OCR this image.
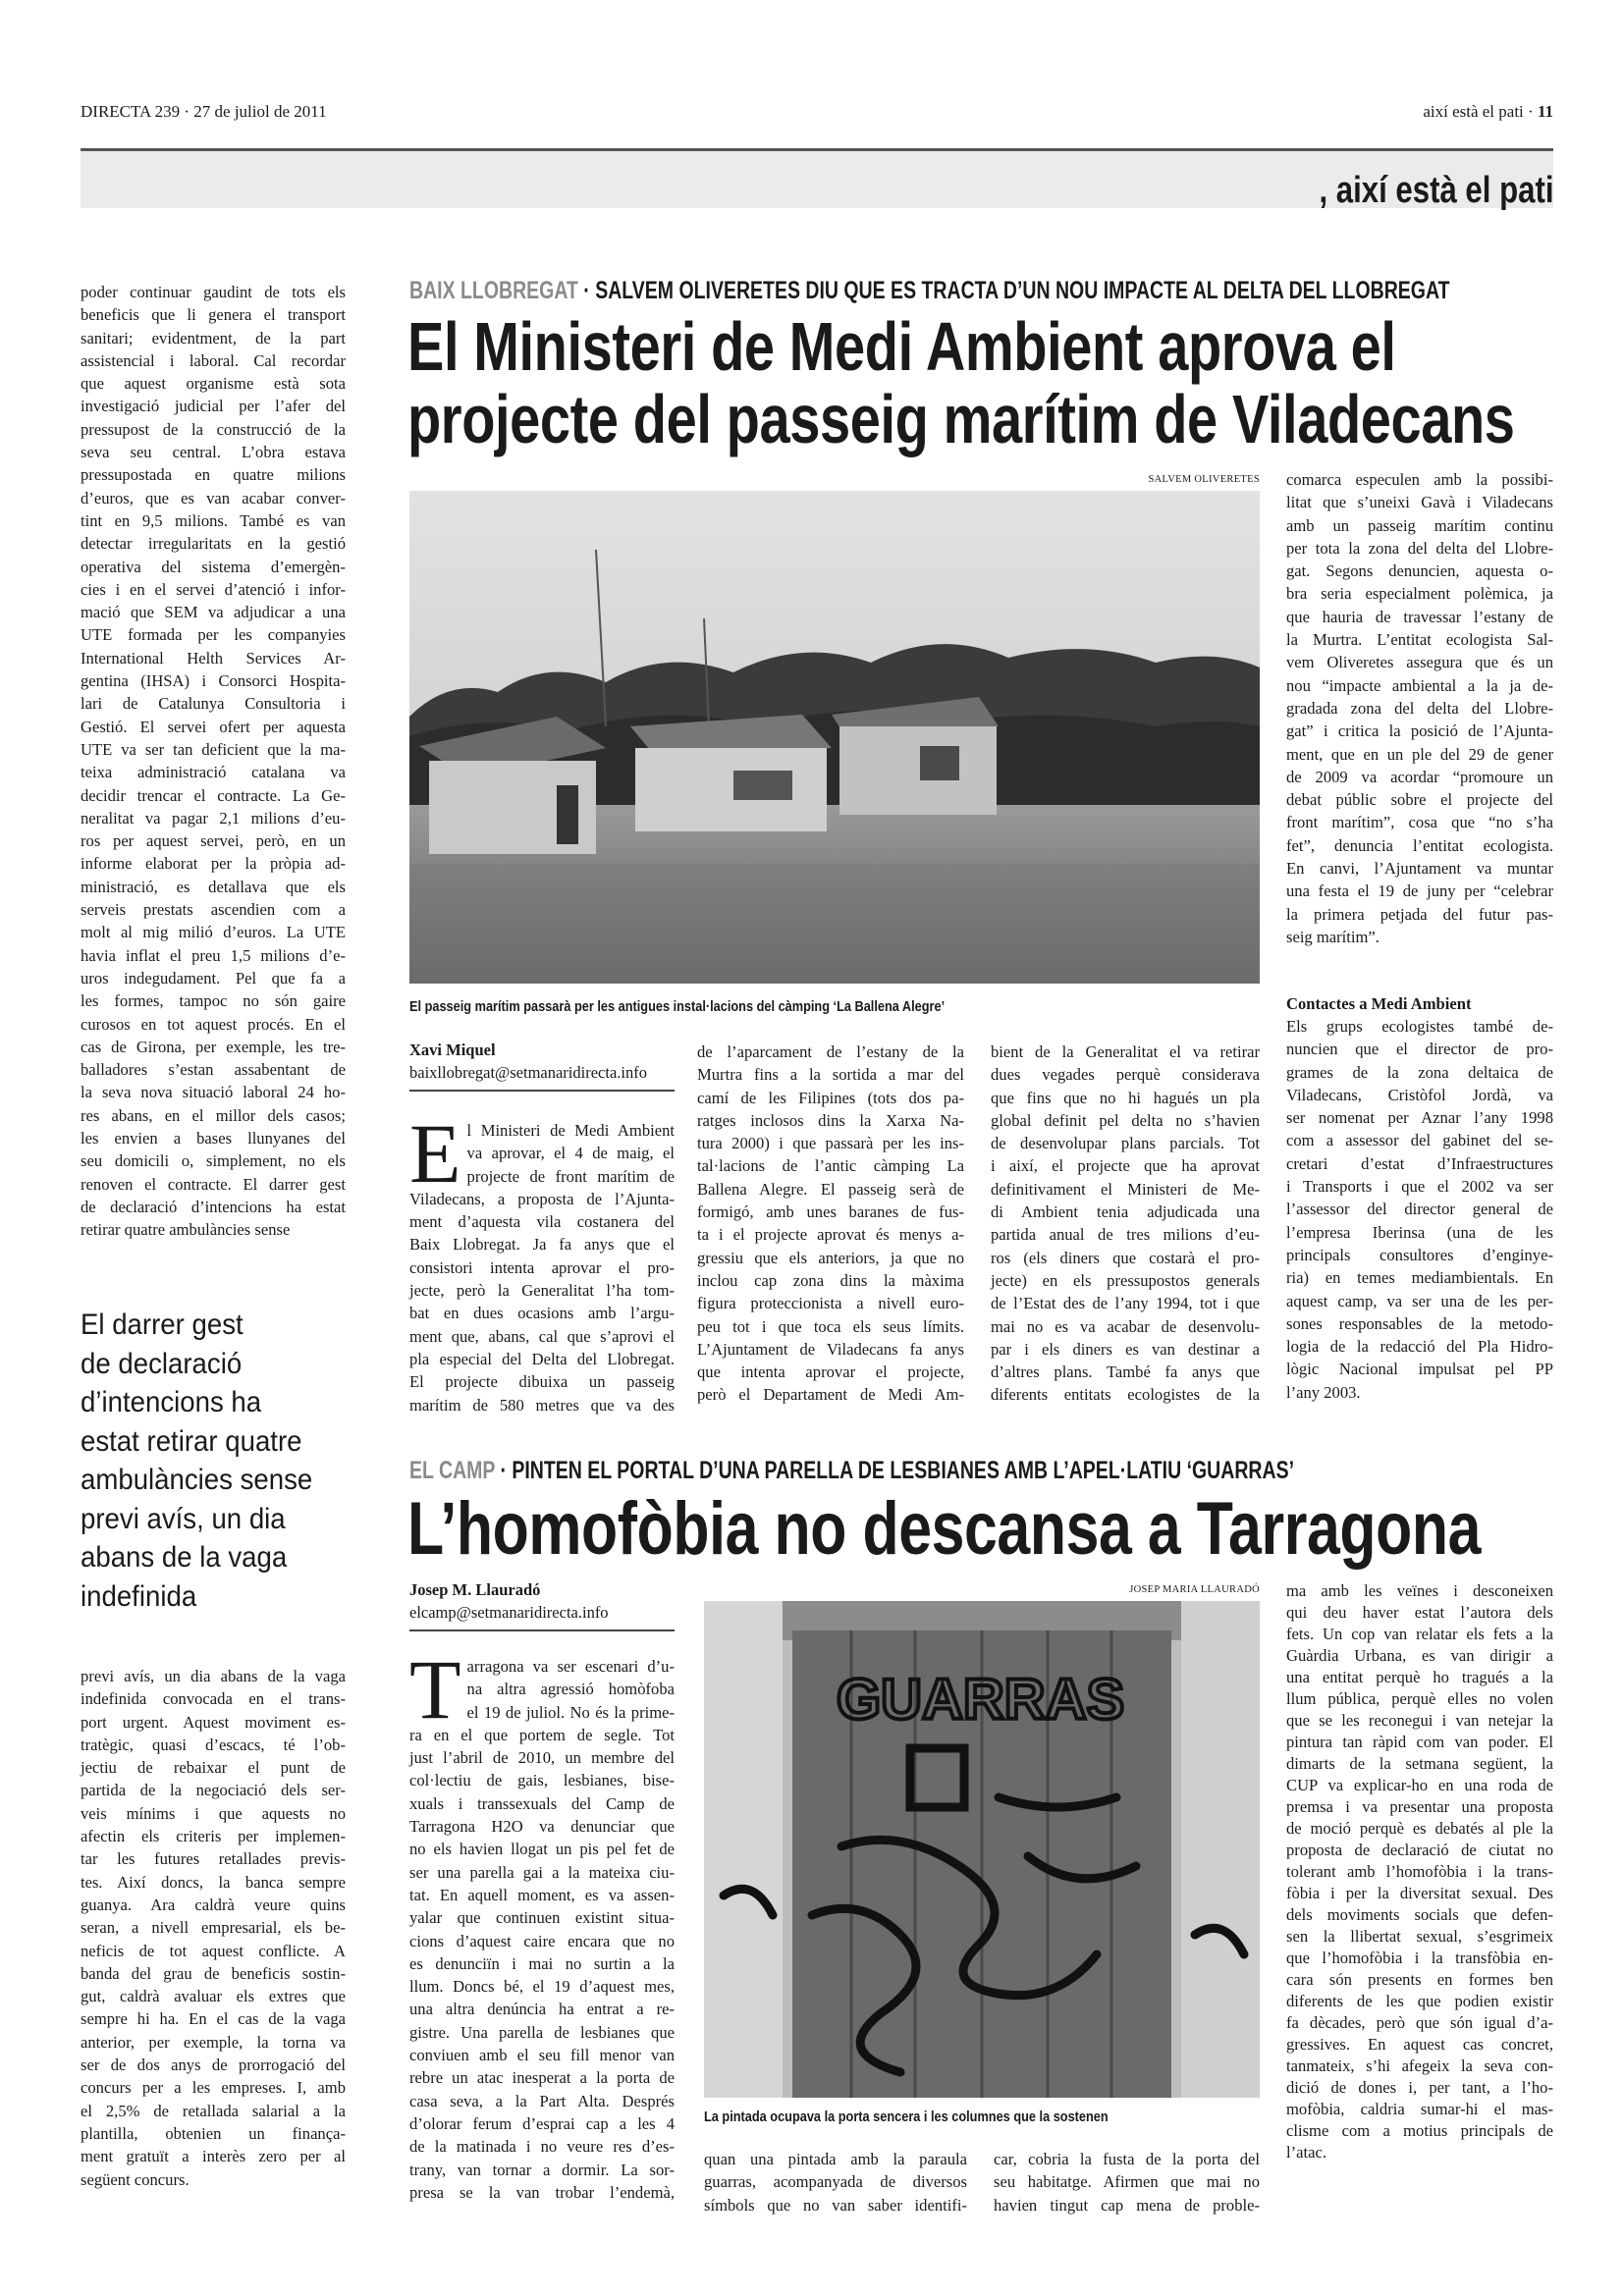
DIRECTA 239 · 27 de juliol de 2011	així està el pati · 11
, així està el pati
poder continuar gaudint de tots els
beneficis que li genera el transport
sanitari; evidentment, de la part
assistencial i laboral. Cal recordar
que aquest organisme està sota
investigació judicial per l’afer del
pressupost de la construcció de la
seva seu central. L’obra estava
pressupostada en quatre milions
d’euros, que es van acabar conver-
tint en 9,5 milions. També es van
detectar irregularitats en la gestió
operativa del sistema d’emergèn-
cies i en el servei d’atenció i infor-
mació que SEM va adjudicar a una
UTE formada per les companyies
International Helth Services Ar-
gentina (IHSA) i Consorci Hospita-
lari de Catalunya Consultoria i
Gestió. El servei ofert per aquesta
UTE va ser tan deficient que la ma-
teixa administració catalana va
decidir trencar el contracte. La Ge-
neralitat va pagar 2,1 milions d’eu-
ros per aquest servei, però, en un
informe elaborat per la pròpia ad-
ministració, es detallava que els
serveis prestats ascendien com a
molt al mig milió d’euros. La UTE
havia inflat el preu 1,5 milions d’e-
uros indegudament. Pel que fa a
les formes, tampoc no són gaire
curosos en tot aquest procés. En el
cas de Girona, per exemple, les tre-
balladores s’estan assabentant de
la seva nova situació laboral 24 ho-
res abans, en el millor dels casos;
les envien a bases llunyanes del
seu domicili o, simplement, no els
renoven el contracte. El darrer gest
de declaració d’intencions ha estat
retirar quatre ambulàncies sense
El darrer gest
de declaració
d’intencions ha
estat retirar quatre
ambulàncies sense
previ avís, un dia
abans de la vaga
indefinida
previ avís, un dia abans de la vaga
indefinida convocada en el trans-
port urgent. Aquest moviment es-
tratègic, quasi d’escacs, té l’ob-
jectiu de rebaixar el punt de
partida de la negociació dels ser-
veis mínims i que aquests no
afectin els criteris per implemen-
tar les futures retallades previs-
tes. Així doncs, la banca sempre
guanya. Ara caldrà veure quins
seran, a nivell empresarial, els be-
neficis de tot aquest conflicte. A
banda del grau de beneficis sostin-
gut, caldrà avaluar els extres que
sempre hi ha. En el cas de la vaga
anterior, per exemple, la torna va
ser de dos anys de prorrogació del
concurs per a les empreses. I, amb
el 2,5% de retallada salarial a la
plantilla, obtenien un finança-
ment gratuït a interès zero per al
següent concurs.
BAIX LLOBREGAT · SALVEM OLIVERETES DIU QUE ES TRACTA D’UN NOU IMPACTE AL DELTA DEL LLOBREGAT
El Ministeri de Medi Ambient aprova el
projecte del passeig marítim de Viladecans
SALVEM OLIVERETES
El passeig marítim passarà per les antigues instal·lacions del càmping ‘La Ballena Alegre’
Xavi Miquel
baixllobregat@setmanaridirecta.info
E l Ministeri de Medi Ambient
va aprovar, el 4 de maig, el
projecte de front marítim de
Viladecans, a proposta de l’Ajunta-
ment d’aquesta vila costanera del
Baix Llobregat. Ja fa anys que el
consistori intenta aprovar el pro-
jecte, però la Generalitat l’ha tom-
bat en dues ocasions amb l’argu-
ment que, abans, cal que s’aprovi el
pla especial del Delta del Llobregat.
El projecte dibuixa un passeig
marítim de 580 metres que va des
de l’aparcament de l’estany de la
Murtra fins a la sortida a mar del
camí de les Filipines (tots dos pa-
ratges inclosos dins la Xarxa Na-
tura 2000) i que passarà per les ins-
tal·lacions de l’antic càmping La
Ballena Alegre. El passeig serà de
formigó, amb unes baranes de fus-
ta i el projecte aprovat és menys a-
gressiu que els anteriors, ja que no
inclou cap zona dins la màxima
figura proteccionista a nivell euro-
peu tot i que toca els seus límits.
L’Ajuntament de Viladecans fa anys
que intenta aprovar el projecte,
però el Departament de Medi Am-
bient de la Generalitat el va retirar
dues vegades perquè considerava
que fins que no hi hagués un pla
global definit pel delta no s’havien
de desenvolupar plans parcials. Tot
i així, el projecte que ha aprovat
definitivament el Ministeri de Me-
di Ambient tenia adjudicada una
partida anual de tres milions d’eu-
ros (els diners que costarà el pro-
jecte) en els pressupostos generals
de l’Estat des de l’any 1994, tot i que
mai no es va acabar de desenvolu-
par i els diners es van destinar a
d’altres plans. També fa anys que
diferents entitats ecologistes de la
comarca especulen amb la possibi-
litat que s’uneixi Gavà i Viladecans
amb un passeig marítim continu
per tota la zona del delta del Llobre-
gat. Segons denuncien, aquesta o-
bra seria especialment polèmica, ja
que hauria de travessar l’estany de
la Murtra. L’entitat ecologista Sal-
vem Oliveretes assegura que és un
nou “impacte ambiental a la ja de-
gradada zona del delta del Llobre-
gat” i critica la posició de l’Ajunta-
ment, que en un ple del 29 de gener
de 2009 va acordar “promoure un
debat públic sobre el projecte del
front marítim”, cosa que “no s’ha
fet”, denuncia l’entitat ecologista.
En canvi, l’Ajuntament va muntar
una festa el 19 de juny per “celebrar
la primera petjada del futur pas-
seig marítim”.
Contactes a Medi Ambient
Els grups ecologistes també de-
nuncien que el director de pro-
grames de la zona deltaica de
Viladecans, Cristòfol Jordà, va
ser nomenat per Aznar l’any 1998
com a assessor del gabinet del se-
cretari d’estat d’Infraestructures
i Transports i que el 2002 va ser
l’assessor del director general de
l’empresa Iberinsa (una de les
principals consultores d’enginye-
ria) en temes mediambientals. En
aquest camp, va ser una de les per-
sones responsables de la metodo-
logia de la redacció del Pla Hidro-
lògic Nacional impulsat pel PP
l’any 2003.
EL CAMP · PINTEN EL PORTAL D’UNA PARELLA DE LESBIANES AMB L’APEL·LATIU ‘GUARRAS’
L’homofòbia no descansa a Tarragona
Josep M. Llauradó
elcamp@setmanaridirecta.info
T arragona va ser escenari d’u-
na altra agressió homòfoba
el 19 de juliol. No és la prime-
ra en el que portem de segle. Tot
just l’abril de 2010, un membre del
col·lectiu de gais, lesbianes, bise-
xuals i transsexuals del Camp de
Tarragona H2O va denunciar que
no els havien llogat un pis pel fet de
ser una parella gai a la mateixa ciu-
tat. En aquell moment, es va assen-
yalar que continuen existint situa-
cions d’aquest caire encara que no
es denunciïn i mai no surtin a la
llum. Doncs bé, el 19 d’aquest mes,
una altra denúncia ha entrat a re-
gistre. Una parella de lesbianes que
conviuen amb el seu fill menor van
rebre un atac inesperat a la porta de
casa seva, a la Part Alta. Després
d’olorar ferum d’esprai cap a les 4
de la matinada i no veure res d’es-
trany, van tornar a dormir. La sor-
presa se la van trobar l’endemà,
JOSEP MARIA LLAURADÓ
GUARRAS
La pintada ocupava la porta sencera i les columnes que la sostenen
quan una pintada amb la paraula
guarras, acompanyada de diversos
símbols que no van saber identifi-
car, cobria la fusta de la porta del
seu habitatge. Afirmen que mai no
havien tingut cap mena de proble-
ma amb les veïnes i desconeixen
qui deu haver estat l’autora dels
fets. Un cop van relatar els fets a la
Guàrdia Urbana, es van dirigir a
una entitat perquè ho tragués a la
llum pública, perquè elles no volen
que se les reconegui i van netejar la
pintura tan ràpid com van poder. El
dimarts de la setmana següent, la
CUP va explicar-ho en una roda de
premsa i va presentar una proposta
de moció perquè es debatés al ple la
proposta de declaració de ciutat no
tolerant amb l’homofòbia i la trans-
fòbia i per la diversitat sexual. Des
dels moviments socials que defen-
sen la llibertat sexual, s’esgrimeix
que l’homofòbia i la transfòbia en-
cara són presents en formes ben
diferents de les que podien existir
fa dècades, però que són igual d’a-
gressives. En aquest cas concret,
tanmateix, s’hi afegeix la seva con-
dició de dones i, per tant, a l’ho-
mofòbia, caldria sumar-hi el mas-
clisme com a motius principals de
l’atac.
